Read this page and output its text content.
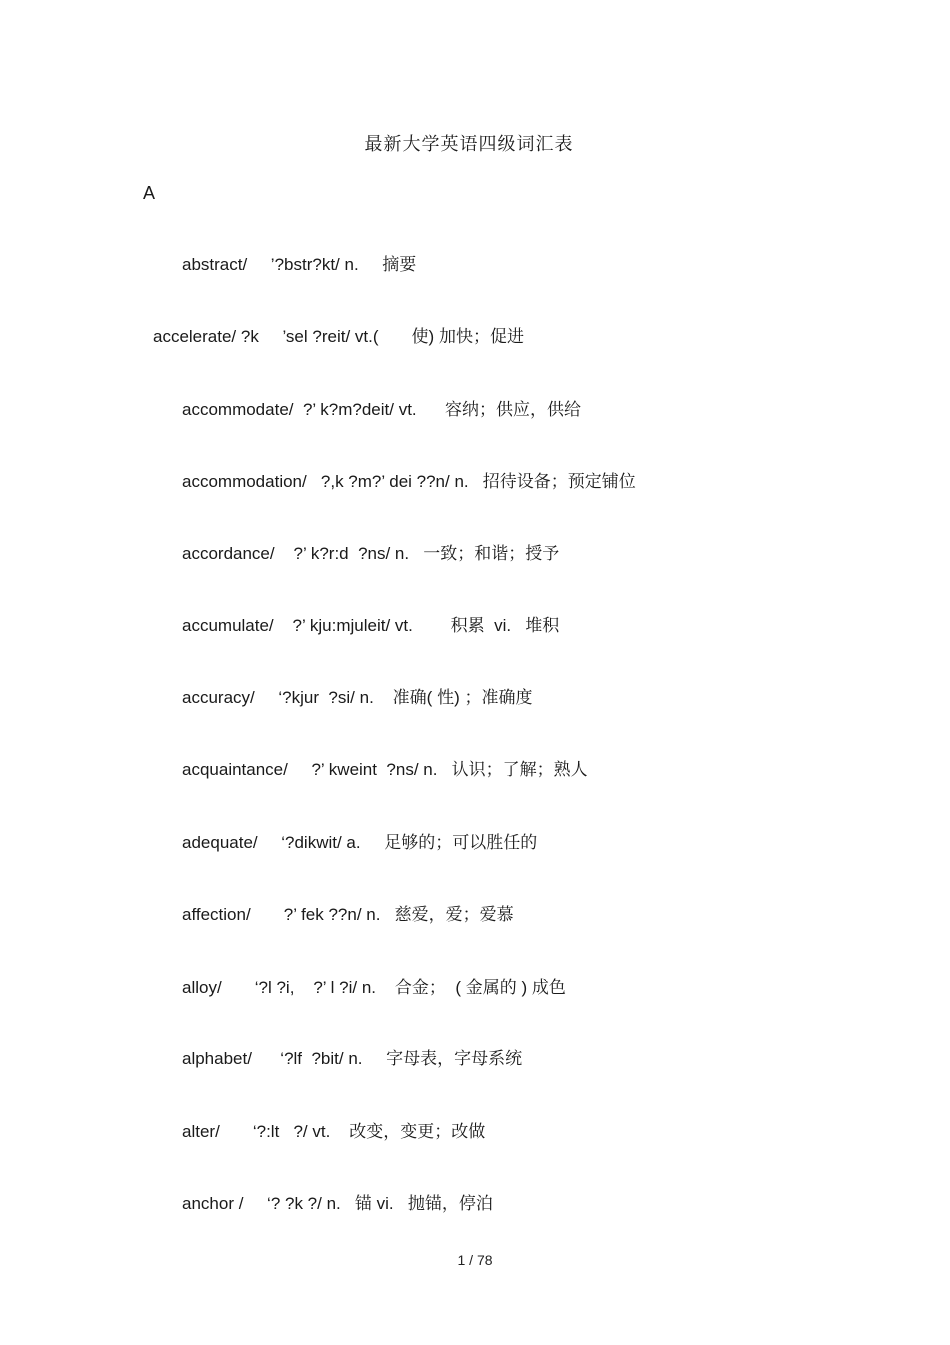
最新大学英语四级词汇表
A
abstract/     ’?bstr?kt/ n.     摘要
accelerate/ ?k     ’sel ?reit/ vt.(       使) 加快；促进
accommodate/  ?’ k?m?deit/ vt.      容纳；供应，供给
accommodation/   ?,k ?m?’ dei ??n/ n.   招待设备；预定铺位
accordance/    ?’ k?r:d  ?ns/ n.   一致；和谐；授予
accumulate/    ?’ kju:mjuleit/ vt.        积累  vi.   堆积
accuracy/     ‘?kjur  ?si/ n.    准确( 性) ；准确度
acquaintance/     ?’ kweint  ?ns/ n.   认识；了解；熟人
adequate/     ‘?dikwit/ a.     足够的；可以胜任的
affection/       ?’ fek ??n/ n.   慈爱，爱；爱慕
alloy/       ‘?l ?i,    ?’ l ?i/ n.    合金；  ( 金属的 ) 成色
alphabet/      ‘?lf  ?bit/ n.     字母表，字母系统
alter/       ‘?:lt   ?/ vt.    改变，变更；改做
anchor /     ‘? ?k ?/ n.   锚 vi.   抛锚，停泊
1 / 78
